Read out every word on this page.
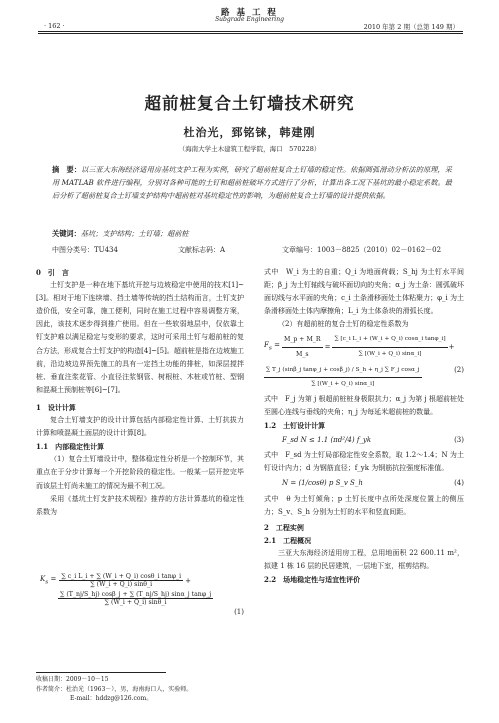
路 基 工 程
Subgrade Engineering
· 162 ·	2010 年第 2 期（总第 149 期）
超前桩复合土钉墙技术研究
杜治光，郅铭铼，韩建刚
（海南大学土木建筑工程学院，海口　570228）
摘　要：以三亚大东海经济适用房基坑支护工程为实例，研究了超前桩复合土钉墙的稳定性。依据圆弧滑动分析法的原理，采用 MATLAB 软件进行编程，分别对各种可能的土钉和超前桩破坏方式进行了分析，计算出各工况下基坑的最小稳定系数。最后分析了超前桩复合土钉墙支护结构中超前桩对基坑稳定性的影响，为超前桩复合土钉墙的设计提供依据。
关键词：基坑；支护结构；土钉墙；超前桩
中图分类号：TU434	文献标志码：A	文章编号：1003－8825（2010）02－0162－02

0　引　言

土钉支护是一种在地下基坑开挖与边坡稳定中使用的技术[1]~[3]。相对于地下连续墙、挡土墙等传统的挡土结构而言，土钉支护造价低，安全可靠，施工便利，同时在施工过程中容易调整方案，因此，该技术逐步得到推广使用。但在一些软弱地层中，仅依靠土钉支护难以满足稳定与变形的要求，这时可采用土钉与超前桩的复合方法，形成复合土钉支护的构造[4]~[5]。超前桩是指在边坡施工前，沿边坡边界预先施工的具有一定挡土功能的排桩，如深层搅拌桩、垂直注浆花管、小直径注浆钢管、树根桩、木桩或竹桩、型钢和混凝土预制桩等[6]~[7]。

1　设计计算

复合土钉墙支护的设计计算包括内部稳定性计算、土钉抗拔力计算和喷混凝土面层的设计计算[8]。

1.1　内部稳定性计算

（1）复合土钉墙设计中，整体稳定性分析是一个控制环节，其重点在于分步计算每一个开挖阶段的稳定性。一般某一层开挖完毕而该层土钉尚未施工的情况为最不利工况。

采用《基坑土钉支护技术规程》推荐的方法计算基坑的稳定性系数为

$K_s = \frac{\text{∑ c\_i L\_i + ∑ (W\_i + Q\_i) cosθ\_i tanφ\_i}}{\sum (W\_i + Q\_i) \sin\theta\_i}$ +
$\frac{\text{∑ (T\_nj/S\_hj) cosβ\_j + ∑ (T\_nj/S\_hj) sinα\_j tanφ\_j}}{\sum (W\_i + Q\_i) \sin\theta\_i}$
(1)
收稿日期：2009－10－15
作者简介：杜治光（1963－），男，海南海口人，实验师。
E-mail：hddzg@126.com。

式中　W_i 为土的自重；Q_i 为地面荷载；S_hj 为土钉水平间距；β_j 为土钉轴线与破坏面切向的夹角；α_j 为土条：圆弧破坏面切线与水平面的夹角；c_i 土条滑移面处土体粘聚力；φ_i 为土条滑移面处土体内摩擦角；L_i 为土体条块的滑弧长度。

（2）有超前桩的复合土钉的稳定性系数为

$F_s = \frac{M\_p + M\_R}{M\_s} = \frac{\text{∑ [c\_i L\_i + (W\_i + Q\_i) cosα\_i tanφ\_i]}}{\sum [(W\_i + Q\_i) \sin\alpha\_i]}$ +
$\frac{\text{∑ T\_j (sinβ\_j tanφ\_j + cosβ\_j) / S\_h + η\_j ∑ F\_j cosα\_j}}{\sum [(W\_i + Q\_i) \sin\alpha\_i]}$	(2)

式中　F_j 为第 j 根超前桩桩身极限抗力；α_j 为第 j 根超前桩处至圆心连线与垂线的夹角；η_j 为每延米超前桩的数量。

1.2　土钉设计计算

F_sd N ≤ 1.1 (πd²/4) f_yk	(3)

式中　F_sd 为土钉局部稳定性安全系数，取 1.2～1.4；N 为土钉设计内力；d 为钢筋直径；f_yk 为钢筋抗拉强度标准值。

N = (1/cosθ) p S_v S_h	(4)

式中　θ 为土钉倾角；p 土钉长度中点所处深度位置上的侧压力；S_v、S_h 分别为土钉的水平和竖直间距。

2　工程实例

2.1　工程概况

三亚大东海经济适用房工程，总用地面积 22 600.11 m²，拟建 1 栋 16 层的民居建筑，一层地下室，框剪结构。

2.2　场地稳定性与适宜性评价
